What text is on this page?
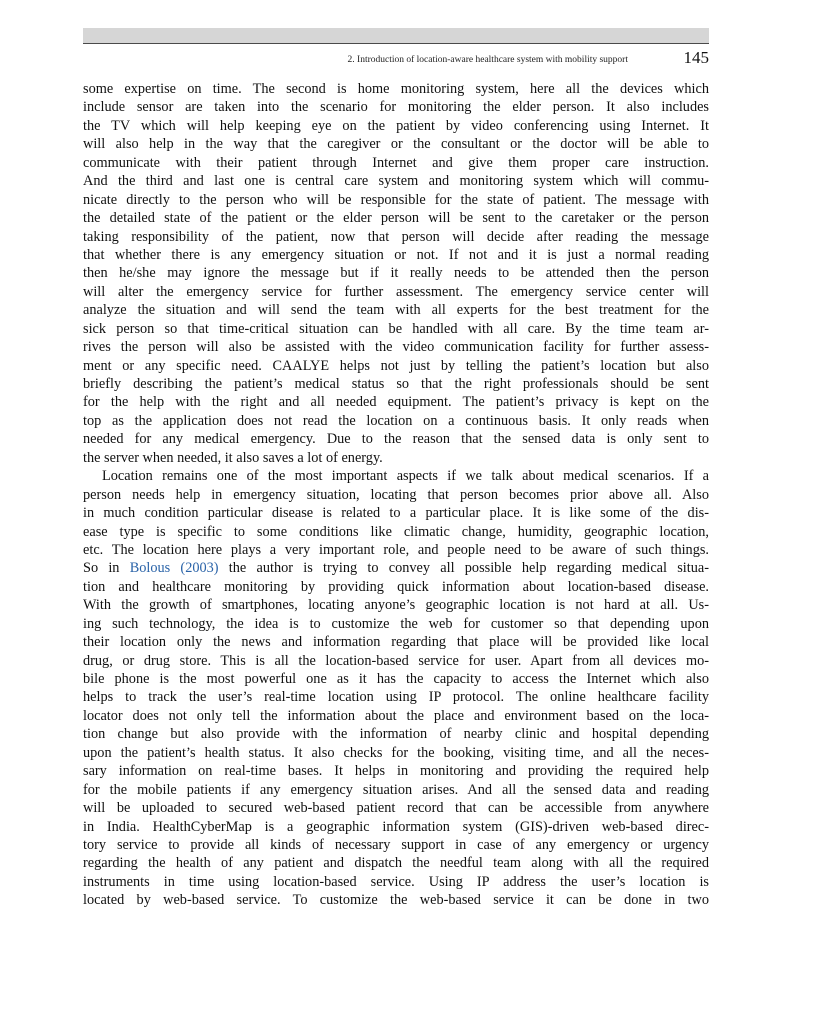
2. Introduction of location-aware healthcare system with mobility support	145
some expertise on time. The second is home monitoring system, here all the devices which
include sensor are taken into the scenario for monitoring the elder person. It also includes
the TV which will help keeping eye on the patient by video conferencing using Internet. It
will also help in the way that the caregiver or the consultant or the doctor will be able to
communicate with their patient through Internet and give them proper care instruction.
And the third and last one is central care system and monitoring system which will commu-
nicate directly to the person who will be responsible for the state of patient. The message with
the detailed state of the patient or the elder person will be sent to the caretaker or the person
taking responsibility of the patient, now that person will decide after reading the message
that whether there is any emergency situation or not. If not and it is just a normal reading
then he/she may ignore the message but if it really needs to be attended then the person
will alter the emergency service for further assessment. The emergency service center will
analyze the situation and will send the team with all experts for the best treatment for the
sick person so that time-critical situation can be handled with all care. By the time team ar-
rives the person will also be assisted with the video communication facility for further assess-
ment or any specific need. CAALYE helps not just by telling the patient’s location but also
briefly describing the patient’s medical status so that the right professionals should be sent
for the help with the right and all needed equipment. The patient’s privacy is kept on the
top as the application does not read the location on a continuous basis. It only reads when
needed for any medical emergency. Due to the reason that the sensed data is only sent to
the server when needed, it also saves a lot of energy.
Location remains one of the most important aspects if we talk about medical scenarios. If a
person needs help in emergency situation, locating that person becomes prior above all. Also
in much condition particular disease is related to a particular place. It is like some of the dis-
ease type is specific to some conditions like climatic change, humidity, geographic location,
etc. The location here plays a very important role, and people need to be aware of such things.
So in Bolous (2003) the author is trying to convey all possible help regarding medical situa-
tion and healthcare monitoring by providing quick information about location-based disease.
With the growth of smartphones, locating anyone’s geographic location is not hard at all. Us-
ing such technology, the idea is to customize the web for customer so that depending upon
their location only the news and information regarding that place will be provided like local
drug, or drug store. This is all the location-based service for user. Apart from all devices mo-
bile phone is the most powerful one as it has the capacity to access the Internet which also
helps to track the user’s real-time location using IP protocol. The online healthcare facility
locator does not only tell the information about the place and environment based on the loca-
tion change but also provide with the information of nearby clinic and hospital depending
upon the patient’s health status. It also checks for the booking, visiting time, and all the neces-
sary information on real-time bases. It helps in monitoring and providing the required help
for the mobile patients if any emergency situation arises. And all the sensed data and reading
will be uploaded to secured web-based patient record that can be accessible from anywhere
in India. HealthCyberMap is a geographic information system (GIS)-driven web-based direc-
tory service to provide all kinds of necessary support in case of any emergency or urgency
regarding the health of any patient and dispatch the needful team along with all the required
instruments in time using location-based service. Using IP address the user’s location is
located by web-based service. To customize the web-based service it can be done in two
